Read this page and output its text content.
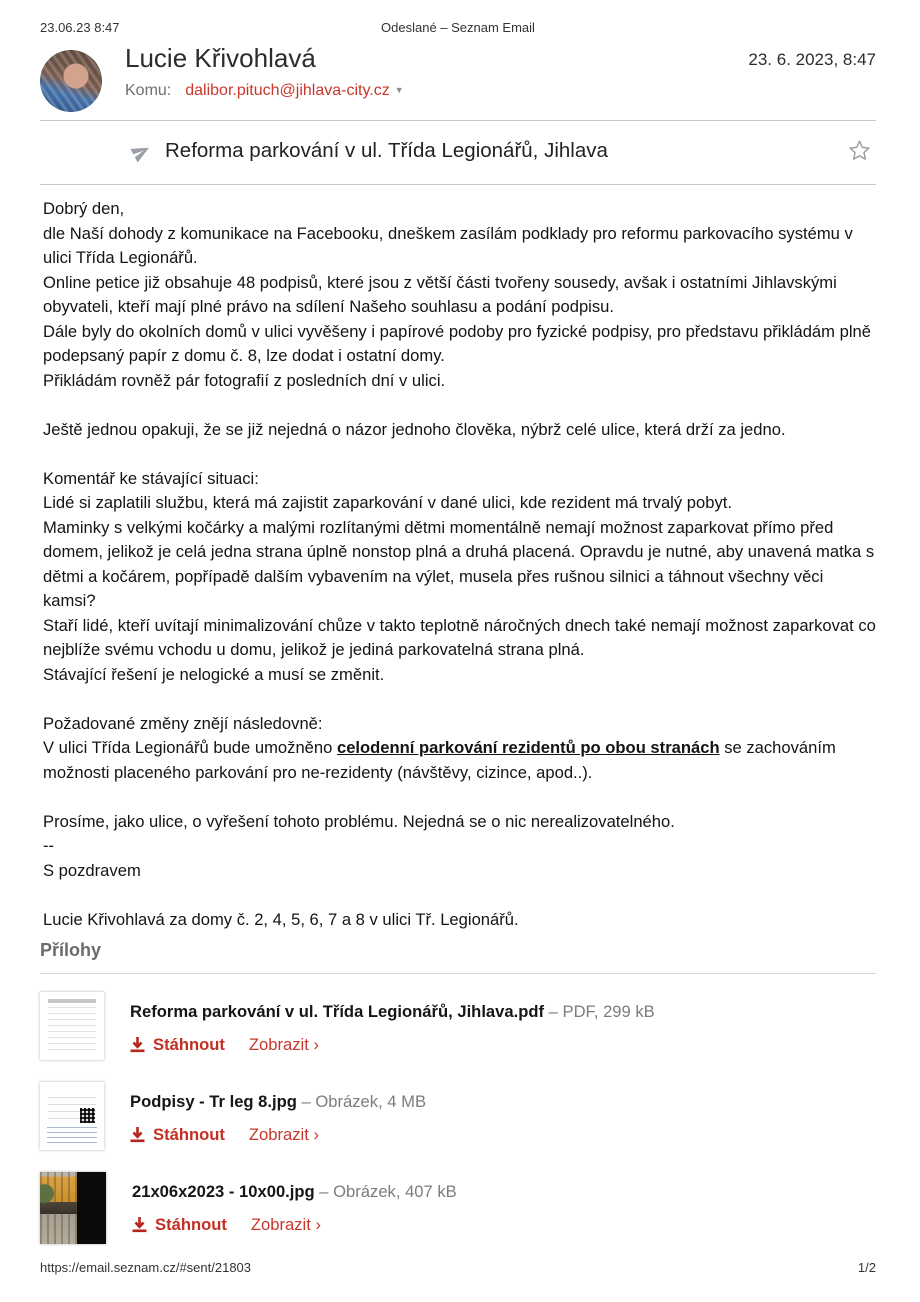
23.06.23 8:47	Odeslané – Seznam Email
Lucie Křivohlavá	23. 6. 2023, 8:47
Komu: dalibor.pituch@jihlava-city.cz ▼
Reforma parkování v ul. Třída Legionářů, Jihlava
Dobrý den,
dle Naší dohody z komunikace na Facebooku, dneškem zasílám podklady pro reformu parkovacího systému v ulici Třída Legionářů.
Online petice již obsahuje 48 podpisů, které jsou z větší části tvořeny sousedy, avšak i ostatními Jihlavskými obyvateli, kteří mají plné právo na sdílení Našeho souhlasu a podání podpisu.
Dále byly do okolních domů v ulici vyvěšeny i papírové podoby pro fyzické podpisy, pro představu přikládám plně podepsaný papír z domu č. 8, lze dodat i ostatní domy.
Přikládám rovněž pár fotografií z posledních dní v ulici.
Ještě jednou opakuji, že se již nejedná o názor jednoho člověka, nýbrž celé ulice, která drží za jedno.
Komentář ke stávající situaci:
Lidé si zaplatili službu, která má zajistit zaparkování v dané ulici, kde rezident má trvalý pobyt.
Maminky s velkými kočárky a malými rozlítanými dětmi momentálně nemají možnost zaparkovat přímo před domem, jelikož je celá jedna strana úplně nonstop plná a druhá placená. Opravdu je nutné, aby unavená matka s dětmi a kočárem, popřípadě dalším vybavením na výlet, musela přes rušnou silnici a táhnout všechny věci kamsi?
Staří lidé, kteří uvítají minimalizování chůze v takto teplotně náročných dnech také nemají možnost zaparkovat co nejblíže svému vchodu u domu, jelikož je jediná parkovatelná strana plná.
Stávající řešení je nelogické a musí se změnit.
Požadované změny znějí následovně:
V ulici Třída Legionářů bude umožněno celodenní parkování rezidentů po obou stranách se zachováním možnosti placeného parkování pro ne-rezidenty (návštěvy, cizince, apod..).
Prosíme, jako ulice, o vyřešení tohoto problému. Nejedná se o nic nerealizovatelného.
--
S pozdravem
Lucie Křivohlavá za domy č. 2, 4, 5, 6, 7 a 8 v ulici Tř. Legionářů.
Přílohy
Reforma parkování v ul. Třída Legionářů, Jihlava.pdf – PDF, 299 kB
Stáhnout Zobrazit ›
Podpisy - Tr leg 8.jpg – Obrázek, 4 MB
Stáhnout Zobrazit ›
21x06x2023 - 10x00.jpg – Obrázek, 407 kB
Stáhnout Zobrazit ›
https://email.seznam.cz/#sent/21803	1/2
